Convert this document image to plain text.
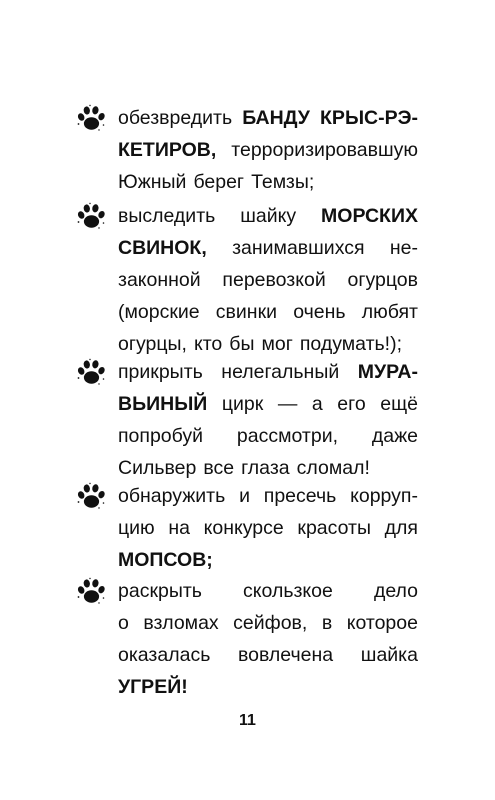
обезвредить БАНДУ КРЫС-РЭ-
КЕТИРОВ, терроризировавшую
Южный берег Темзы;
выследить шайку МОРСКИХ
СВИНОК, занимавшихся не-
законной перевозкой огурцов
(морские свинки очень любят
огурцы, кто бы мог подумать!);
прикрыть нелегальный МУРА-
ВЬИНЫЙ цирк — а его ещё
попробуй рассмотри, даже
Сильвер все глаза сломал!
обнаружить и пресечь корруп-
цию на конкурсе красоты для
МОПСОВ;
раскрыть скользкое дело
о взломах сейфов, в которое
оказалась вовлечена шайка
УГРЕЙ!
11
